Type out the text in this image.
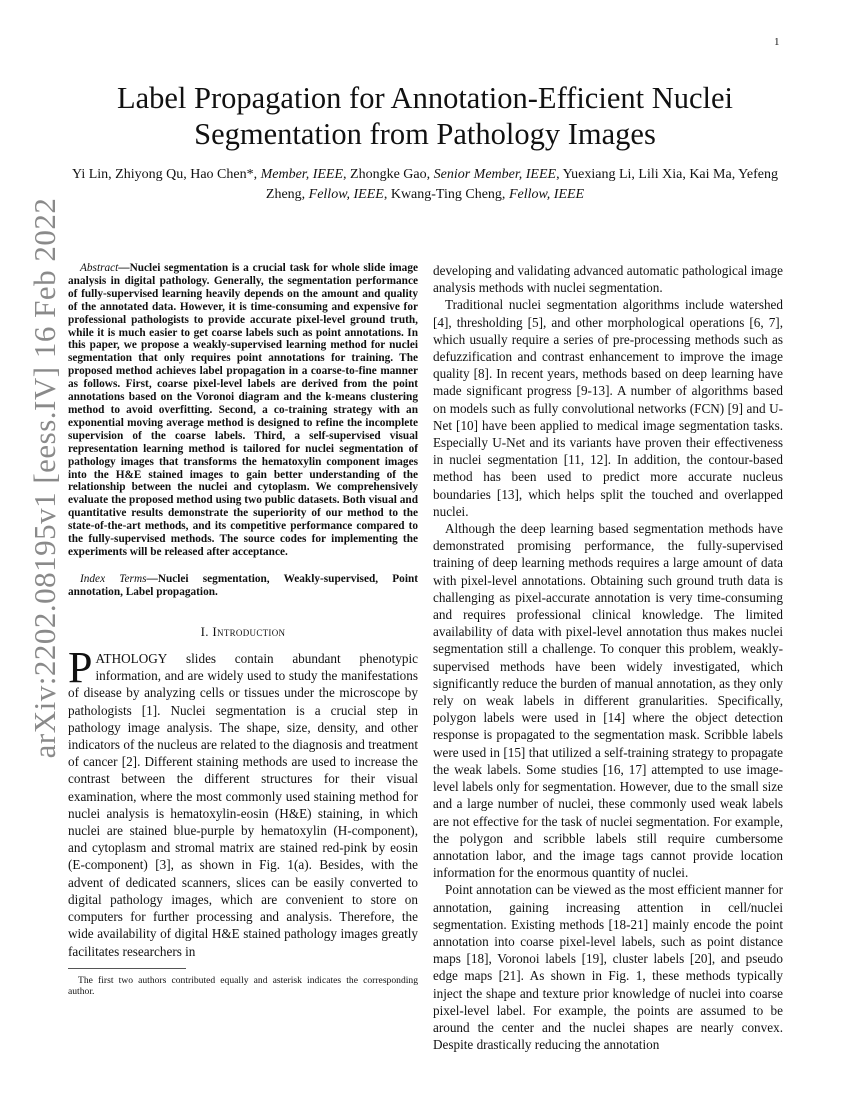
1
arXiv:2202.08195v1 [eess.IV] 16 Feb 2022
Label Propagation for Annotation-Efficient Nuclei Segmentation from Pathology Images
Yi Lin, Zhiyong Qu, Hao Chen*, Member, IEEE, Zhongke Gao, Senior Member, IEEE, Yuexiang Li, Lili Xia, Kai Ma, Yefeng Zheng, Fellow, IEEE, Kwang-Ting Cheng, Fellow, IEEE

Abstract—Nuclei segmentation is a crucial task for whole slide image analysis in digital pathology. Generally, the segmentation performance of fully-supervised learning heavily depends on the amount and quality of the annotated data. However, it is time-consuming and expensive for professional pathologists to provide accurate pixel-level ground truth, while it is much easier to get coarse labels such as point annotations. In this paper, we propose a weakly-supervised learning method for nuclei segmentation that only requires point annotations for training. The proposed method achieves label propagation in a coarse-to-fine manner as follows. First, coarse pixel-level labels are derived from the point annotations based on the Voronoi diagram and the k-means clustering method to avoid overfitting. Second, a co-training strategy with an exponential moving average method is designed to refine the incomplete supervision of the coarse labels. Third, a self-supervised visual representation learning method is tailored for nuclei segmentation of pathology images that transforms the hematoxylin component images into the H&E stained images to gain better understanding of the relationship between the nuclei and cytoplasm. We comprehensively evaluate the proposed method using two public datasets. Both visual and quantitative results demonstrate the superiority of our method to the state-of-the-art methods, and its competitive performance compared to the fully-supervised methods. The source codes for implementing the experiments will be released after acceptance.

Index Terms—Nuclei segmentation, Weakly-supervised, Point annotation, Label propagation.

I. Introduction

PATHOLOGY slides contain abundant phenotypic information, and are widely used to study the manifestations of disease by analyzing cells or tissues under the microscope by pathologists [1]. Nuclei segmentation is a crucial step in pathology image analysis. The shape, size, density, and other indicators of the nucleus are related to the diagnosis and treatment of cancer [2]. Different staining methods are used to increase the contrast between the different structures for their visual examination, where the most commonly used staining method for nuclei analysis is hematoxylin-eosin (H&E) staining, in which nuclei are stained blue-purple by hematoxylin (H-component), and cytoplasm and stromal matrix are stained red-pink by eosin (E-component) [3], as shown in Fig. 1(a). Besides, with the advent of dedicated scanners, slices can be easily converted to digital pathology images, which are convenient to store on computers for further processing and analysis. Therefore, the wide availability of digital H&E stained pathology images greatly facilitates researchers in

The first two authors contributed equally and asterisk indicates the corresponding author.

developing and validating advanced automatic pathological image analysis methods with nuclei segmentation.

Traditional nuclei segmentation algorithms include watershed [4], thresholding [5], and other morphological operations [6, 7], which usually require a series of pre-processing methods such as defuzzification and contrast enhancement to improve the image quality [8]. In recent years, methods based on deep learning have made significant progress [9-13]. A number of algorithms based on models such as fully convolutional networks (FCN) [9] and U-Net [10] have been applied to medical image segmentation tasks. Especially U-Net and its variants have proven their effectiveness in nuclei segmentation [11, 12]. In addition, the contour-based method has been used to predict more accurate nucleus boundaries [13], which helps split the touched and overlapped nuclei.

Although the deep learning based segmentation methods have demonstrated promising performance, the fully-supervised training of deep learning methods requires a large amount of data with pixel-level annotations. Obtaining such ground truth data is challenging as pixel-accurate annotation is very time-consuming and requires professional clinical knowledge. The limited availability of data with pixel-level annotation thus makes nuclei segmentation still a challenge. To conquer this problem, weakly-supervised methods have been widely investigated, which significantly reduce the burden of manual annotation, as they only rely on weak labels in different granularities. Specifically, polygon labels were used in [14] where the object detection response is propagated to the segmentation mask. Scribble labels were used in [15] that utilized a self-training strategy to propagate the weak labels. Some studies [16, 17] attempted to use image-level labels only for segmentation. However, due to the small size and a large number of nuclei, these commonly used weak labels are not effective for the task of nuclei segmentation. For example, the polygon and scribble labels still require cumbersome annotation labor, and the image tags cannot provide location information for the enormous quantity of nuclei.

Point annotation can be viewed as the most efficient manner for annotation, gaining increasing attention in cell/nuclei segmentation. Existing methods [18-21] mainly encode the point annotation into coarse pixel-level labels, such as point distance maps [18], Voronoi labels [19], cluster labels [20], and pseudo edge maps [21]. As shown in Fig. 1, these methods typically inject the shape and texture prior knowledge of nuclei into coarse pixel-level label. For example, the points are assumed to be around the center and the nuclei shapes are nearly convex. Despite drastically reducing the annotation
